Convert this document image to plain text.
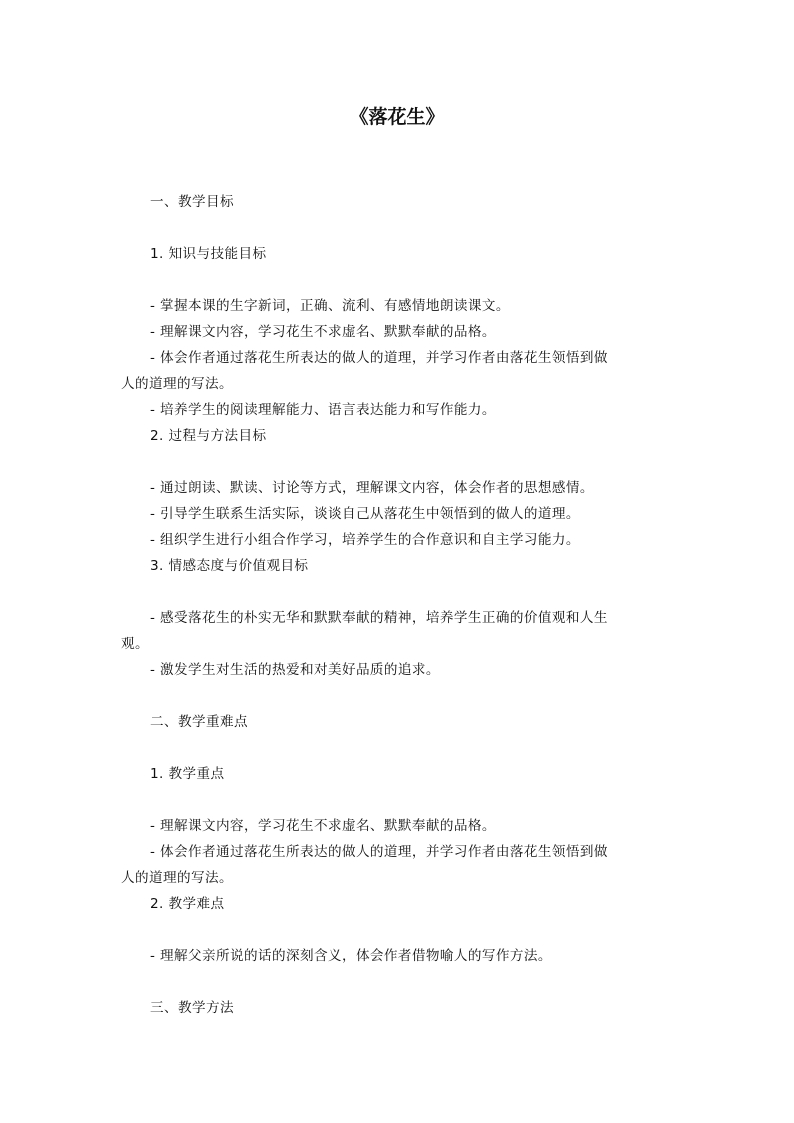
《落花生》
一、教学目标
1. 知识与技能目标
- 掌握本课的生字新词，正确、流利、有感情地朗读课文。
- 理解课文内容，学习花生不求虚名、默默奉献的品格。
- 体会作者通过落花生所表达的做人的道理，并学习作者由落花生领悟到做
人的道理的写法。
- 培养学生的阅读理解能力、语言表达能力和写作能力。
2. 过程与方法目标
- 通过朗读、默读、讨论等方式，理解课文内容，体会作者的思想感情。
- 引导学生联系生活实际，谈谈自己从落花生中领悟到的做人的道理。
- 组织学生进行小组合作学习，培养学生的合作意识和自主学习能力。
3. 情感态度与价值观目标
- 感受落花生的朴实无华和默默奉献的精神，培养学生正确的价值观和人生
观。
- 激发学生对生活的热爱和对美好品质的追求。
二、教学重难点
1. 教学重点
- 理解课文内容，学习花生不求虚名、默默奉献的品格。
- 体会作者通过落花生所表达的做人的道理，并学习作者由落花生领悟到做
人的道理的写法。
2. 教学难点
- 理解父亲所说的话的深刻含义，体会作者借物喻人的写作方法。
三、教学方法
